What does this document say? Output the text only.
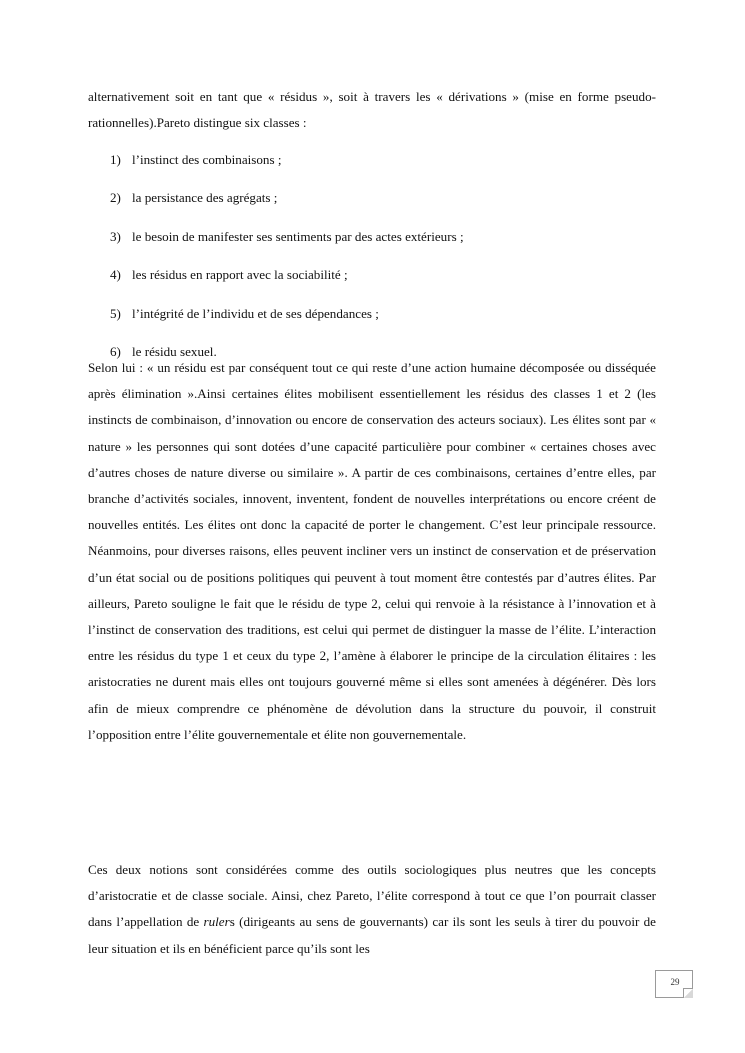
alternativement soit en tant que « résidus », soit à travers les « dérivations » (mise en forme pseudo-rationnelles).Pareto distingue six classes :

1) l’instinct des combinaisons ;
2) la persistance des agrégats ;
3) le besoin de manifester ses sentiments par des actes extérieurs ;
4) les résidus en rapport avec la sociabilité ;
5) l’intégrité de l’individu et de ses dépendances ;
6) le résidu sexuel.

Selon lui : « un résidu est par conséquent tout ce qui reste d’une action humaine décomposée ou disséquée après élimination ».Ainsi certaines élites mobilisent essentiellement les résidus des classes 1 et 2 (les instincts de combinaison, d’innovation ou encore de conservation des acteurs sociaux). Les élites sont par « nature » les personnes qui sont dotées d’une capacité particulière pour combiner « certaines choses avec d’autres choses de nature diverse ou similaire ». A partir de ces combinaisons, certaines d’entre elles, par branche d’activités sociales, innovent, inventent, fondent de nouvelles interprétations ou encore créent de nouvelles entités. Les élites ont donc la capacité de porter le changement. C’est leur principale ressource. Néanmoins, pour diverses raisons, elles peuvent incliner vers un instinct de conservation et de préservation d’un état social ou de positions politiques qui peuvent à tout moment être contestés par d’autres élites. Par ailleurs, Pareto souligne le fait que le résidu de type 2, celui qui renvoie à la résistance à l’innovation et à l’instinct de conservation des traditions, est celui qui permet de distinguer la masse de l’élite. L’interaction entre les résidus du type 1 et ceux du type 2, l’amène à élaborer le principe de la circulation élitaires : les aristocraties ne durent mais elles ont toujours gouverné même si elles sont amenées à dégénérer. Dès lors afin de mieux comprendre ce phénomène de dévolution dans la structure du pouvoir, il construit l’opposition entre l’élite gouvernementale et élite non gouvernementale.

Ces deux notions sont considérées comme des outils sociologiques plus neutres que les concepts d’aristocratie et de classe sociale. Ainsi, chez Pareto, l’élite correspond à tout ce que l’on pourrait classer dans l’appellation de rulers (dirigeants au sens de gouvernants) car ils sont les seuls à tirer du pouvoir de leur situation et ils en bénéficient parce qu’ils sont les

29
